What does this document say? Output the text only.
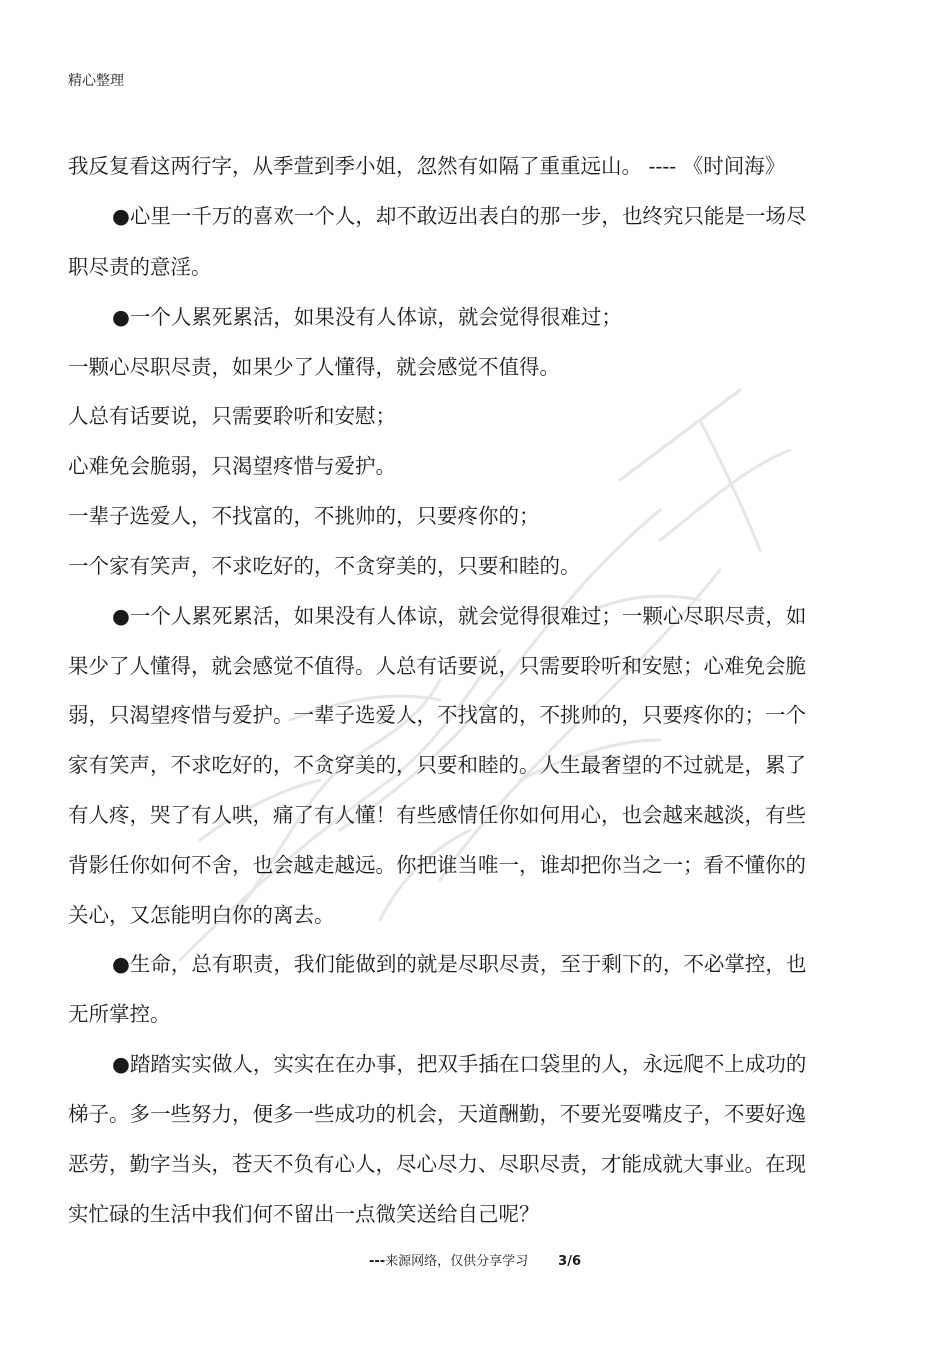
精心整理
我反复看这两行字，从季萱到季小姐，忽然有如隔了重重远山。 ---- 《时间海》
●心里一千万的喜欢一个人，却不敢迈出表白的那一步，也终究只能是一场尽
职尽责的意淫。
●一个人累死累活，如果没有人体谅，就会觉得很难过；
一颗心尽职尽责，如果少了人懂得，就会感觉不值得。
人总有话要说，只需要聆听和安慰；
心难免会脆弱，只渴望疼惜与爱护。
一辈子选爱人，不找富的，不挑帅的，只要疼你的；
一个家有笑声，不求吃好的，不贪穿美的，只要和睦的。
●一个人累死累活，如果没有人体谅，就会觉得很难过；一颗心尽职尽责，如
果少了人懂得，就会感觉不值得。人总有话要说，只需要聆听和安慰；心难免会脆
弱，只渴望疼惜与爱护。一辈子选爱人，不找富的，不挑帅的，只要疼你的；一个
家有笑声，不求吃好的，不贪穿美的，只要和睦的。人生最奢望的不过就是，累了
有人疼，哭了有人哄，痛了有人懂！有些感情任你如何用心，也会越来越淡，有些
背影任你如何不舍，也会越走越远。你把谁当唯一，谁却把你当之一；看不懂你的
关心，又怎能明白你的离去。
●生命，总有职责，我们能做到的就是尽职尽责，至于剩下的，不必掌控，也
无所掌控。
●踏踏实实做人，实实在在办事，把双手插在口袋里的人，永远爬不上成功的
梯子。多一些努力，便多一些成功的机会，天道酬勤，不要光耍嘴皮子，不要好逸
恶劳，勤字当头，苍天不负有心人，尽心尽力、尽职尽责，才能成就大事业。在现
实忙碌的生活中我们何不留出一点微笑送给自己呢？
---来源网络，仅供分享学习 3/6
